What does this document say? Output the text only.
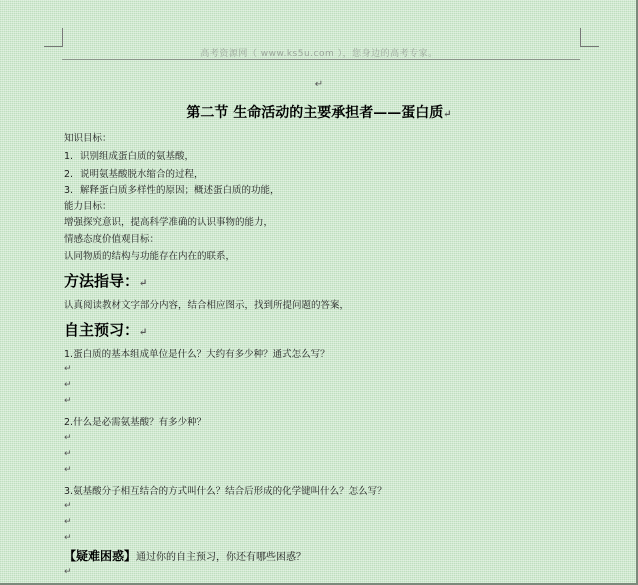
高考资源网（ www.ks5u.com ），您身边的高考专家。
↵
第二节 生命活动的主要承担者——蛋白质↵
知识目标：
1. 识别组成蛋白质的氨基酸，
2. 说明氨基酸脱水缩合的过程，
3. 解释蛋白质多样性的原因；概述蛋白质的功能，
能力目标：
增强探究意识，提高科学准确的认识事物的能力，
情感态度价值观目标：
认同物质的结构与功能存在内在的联系，
方法指导：↵
认真阅读教材文字部分内容，结合相应图示，找到所提问题的答案，
自主预习：↵
1.蛋白质的基本组成单位是什么？大约有多少种？通式怎么写？
↵
↵
↵
2.什么是必需氨基酸？有多少种？
↵
↵
↵
3.氨基酸分子相互结合的方式叫什么？结合后形成的化学键叫什么？怎么写？
↵
↵
↵
【疑难困惑】通过你的自主预习，你还有哪些困惑？
↵
